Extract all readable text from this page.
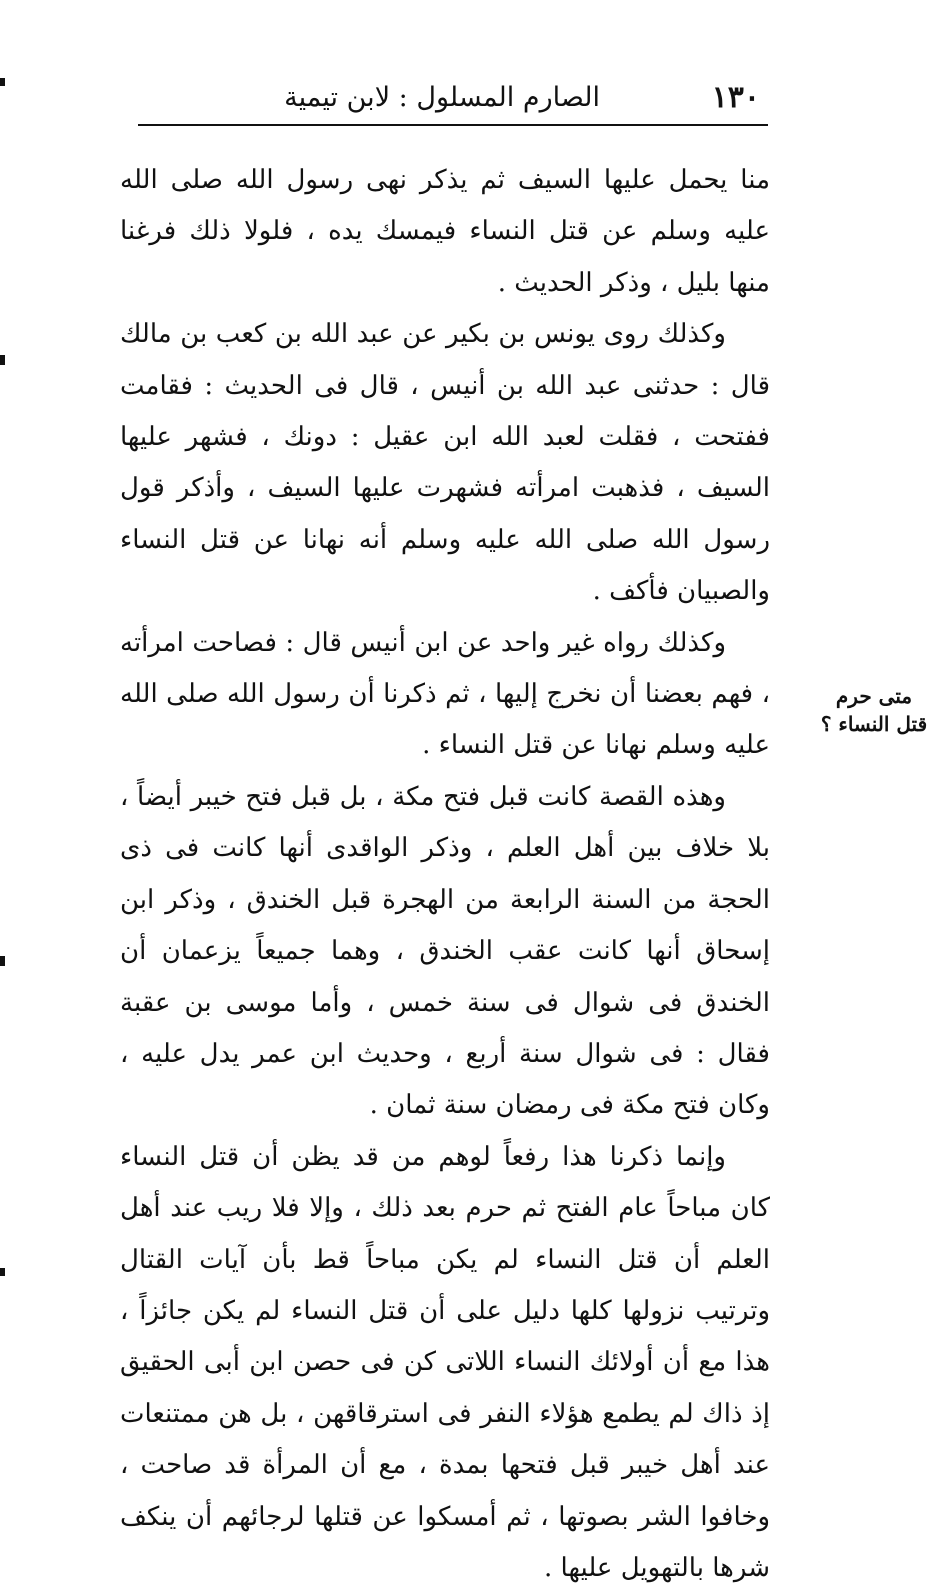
١٣٠
الصارم المسلول : لابن تيمية

منا يحمل عليها السيف ثم يذكر نهى رسول الله صلى الله عليه وسلم عن قتل النساء فيمسك يده ، فلولا ذلك فرغنا منها بليل ، وذكر الحديث .

وكذلك روى يونس بن بكير عن عبد الله بن كعب بن مالك قال : حدثنى عبد الله بن أنيس ، قال فى الحديث : فقامت ففتحت ، فقلت لعبد الله ابن عقيل : دونك ، فشهر عليها السيف ، فذهبت امرأته فشهرت عليها السيف ، وأذكر قول رسول الله صلى الله عليه وسلم أنه نهانا عن قتل النساء والصبيان فأكف .

وكذلك رواه غير واحد عن ابن أنيس قال : فصاحت امرأته ، فهم بعضنا أن نخرج إليها ، ثم ذكرنا أن رسول الله صلى الله عليه وسلم نهانا عن قتل النساء .

وهذه القصة كانت قبل فتح مكة ، بل قبل فتح خيبر أيضاً ، بلا خلاف بين أهل العلم ، وذكر الواقدى أنها كانت فى ذى الحجة من السنة الرابعة من الهجرة قبل الخندق ، وذكر ابن إسحاق أنها كانت عقب الخندق ، وهما جميعاً يزعمان أن الخندق فى شوال فى سنة خمس ، وأما موسى بن عقبة فقال : فى شوال سنة أربع ، وحديث ابن عمر يدل عليه ، وكان فتح مكة فى رمضان سنة ثمان .

وإنما ذكرنا هذا رفعاً لوهم من قد يظن أن قتل النساء كان مباحاً عام الفتح ثم حرم بعد ذلك ، وإلا فلا ريب عند أهل العلم أن قتل النساء لم يكن مباحاً قط بأن آيات القتال وترتيب نزولها كلها دليل على أن قتل النساء لم يكن جائزاً ، هذا مع أن أولائك النساء اللاتى كن فى حصن ابن أبى الحقيق إذ ذاك لم يطمع هؤلاء النفر فى استرقاقهن ، بل هن ممتنعات عند أهل خيبر قبل فتحها بمدة ، مع أن المرأة قد صاحت ، وخافوا الشر بصوتها ، ثم أمسكوا عن قتلها لرجائهم أن ينكف شرها بالتهويل عليها .

متى حرم
قتل النساء ؟
